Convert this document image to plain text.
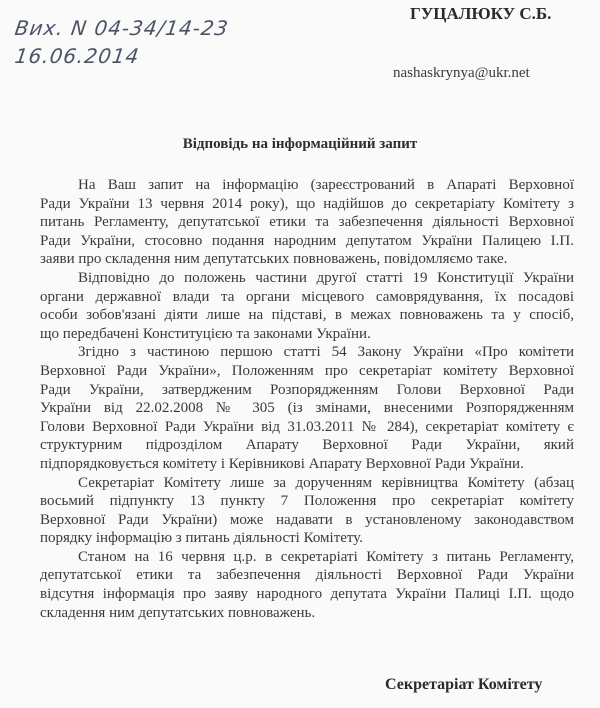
Вих. N 04-34/14-23
16.06.2014
ГУЦАЛЮКУ С.Б.
nashaskrynya@ukr.net
Відповідь на інформаційний запит
На Ваш запит на інформацію (зареєстрований в Апараті Верховної
Ради України 13 червня 2014 року), що надійшов до секретаріату Комітету з
питань Регламенту, депутатської етики та забезпечення діяльності Верховної
Ради України, стосовно подання народним депутатом України Палицею І.П.
заяви про складення ним депутатських повноважень, повідомляємо таке.
Відповідно до положень частини другої статті 19 Конституції України
органи державної влади та органи місцевого самоврядування, їх посадові
особи зобов'язані діяти лише на підставі, в межах повноважень та у спосіб,
що передбачені Конституцією та законами України.
Згідно з частиною першою статті 54 Закону України «Про комітети
Верховної Ради України», Положенням про секретаріат комітету Верховної
Ради України, затвердженим Розпорядженням Голови Верховної Ради
України від 22.02.2008 № 305 (із змінами, внесеними Розпорядженням
Голови Верховної Ради України від 31.03.2011 № 284), секретаріат комітету є
структурним підрозділом Апарату Верховної Ради України, який
підпорядковується комітету і Керівникові Апарату Верховної Ради України.
Секретаріат Комітету лише за дорученням керівництва Комітету (абзац
восьмий підпункту 13 пункту 7 Положення про секретаріат комітету
Верховної Ради України) може надавати в установленому законодавством
порядку інформацію з питань діяльності Комітету.
Станом на 16 червня ц.р. в секретаріаті Комітету з питань Регламенту,
депутатської етики та забезпечення діяльності Верховної Ради України
відсутня інформація про заяву народного депутата України Палиці І.П. щодо
складення ним депутатських повноважень.
Секретаріат Комітету
